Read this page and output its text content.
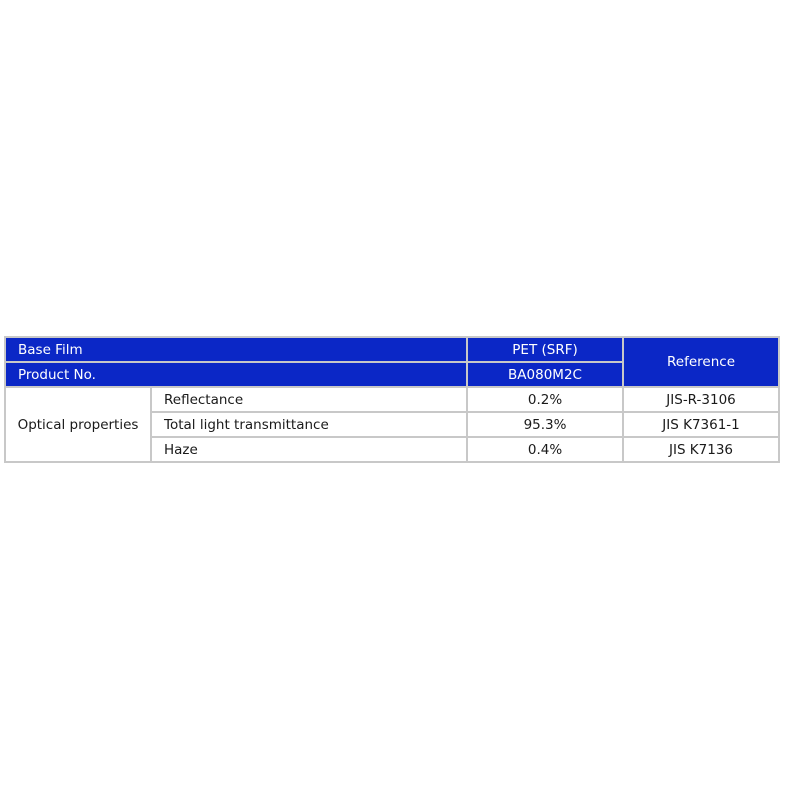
Base Film		PET (SRF)	Reference
Product No.		BA080M2C	
Optical properties	Reflectance	0.2%	JIS-R-3106
	Total light transmittance	95.3%	JIS K7361-1
	Haze	0.4%	JIS K7136
